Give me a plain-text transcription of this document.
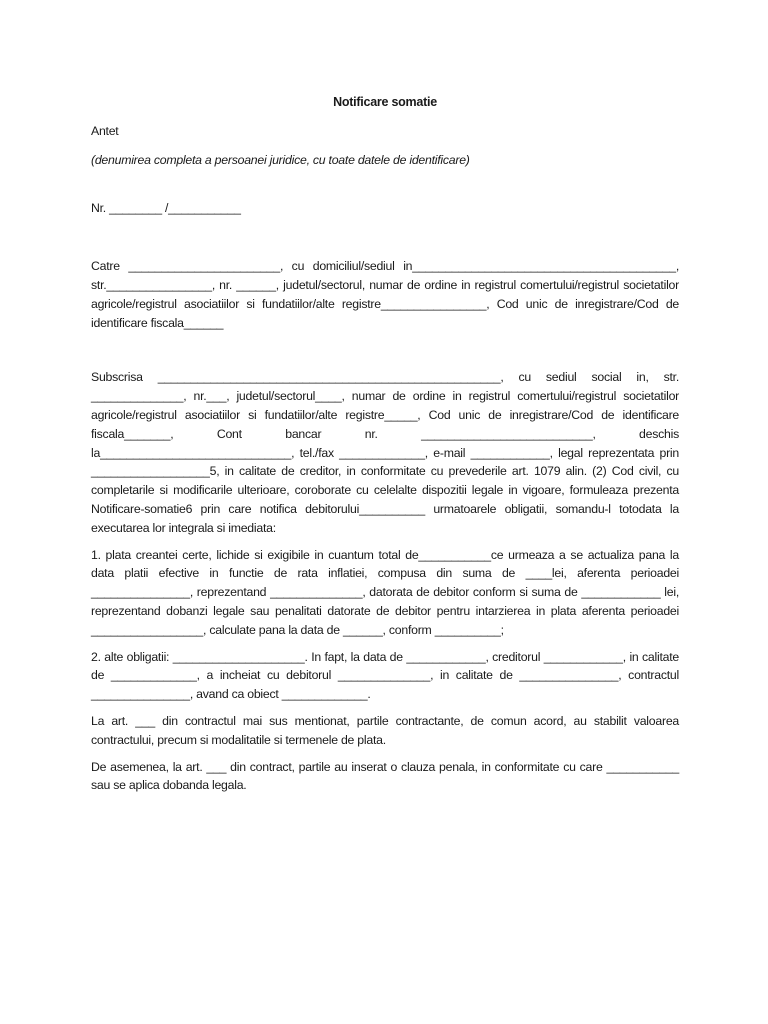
Notificare somatie

Antet

(denumirea completa a persoanei juridice, cu toate datele de identificare)

Nr. ________ /___________

Catre _______________________, cu domiciliul/sediul in________________________________________, str.________________, nr. ______, judetul/sectorul, numar de ordine in registrul comertului/registrul societatilor agricole/registrul asociatiilor si fundatiilor/alte registre________________, Cod unic de inregistrare/Cod de identificare fiscala______

Subscrisa ____________________________________________________, cu sediul social in, str. ______________, nr.___, judetul/sectorul____, numar de ordine in registrul comertului/registrul societatilor agricole/registrul asociatiilor si fundatiilor/alte registre_____, Cod unic de inregistrare/Cod de identificare fiscala_______, Cont bancar nr. __________________________, deschis la_____________________________, tel./fax _____________, e-mail ____________, legal reprezentata prin __________________5, in calitate de creditor, in conformitate cu prevederile art. 1079 alin. (2) Cod civil, cu completarile si modificarile ulterioare, coroborate cu celelalte dispozitii legale in vigoare, formuleaza prezenta Notificare-somatie6 prin care notifica debitorului__________ urmatoarele obligatii, somandu-l totodata la executarea lor integrala si imediata:

1. plata creantei certe, lichide si exigibile in cuantum total de___________ce urmeaza a se actualiza pana la data platii efective in functie de rata inflatiei, compusa din suma de ____lei, aferenta perioadei _______________, reprezentand ______________, datorata de debitor conform si suma de ____________ lei, reprezentand dobanzi legale sau penalitati datorate de debitor pentru intarzierea in plata aferenta perioadei _________________, calculate pana la data de ______, conform __________;

2. alte obligatii: ____________________. In fapt, la data de ____________, creditorul ____________, in calitate de _____________, a incheiat cu debitorul ______________, in calitate de _______________, contractul _______________, avand ca obiect _____________.

La art. ___ din contractul mai sus mentionat, partile contractante, de comun acord, au stabilit valoarea contractului, precum si modalitatile si termenele de plata.

De asemenea, la art. ___ din contract, partile au inserat o clauza penala, in conformitate cu care ___________ sau se aplica dobanda legala.
